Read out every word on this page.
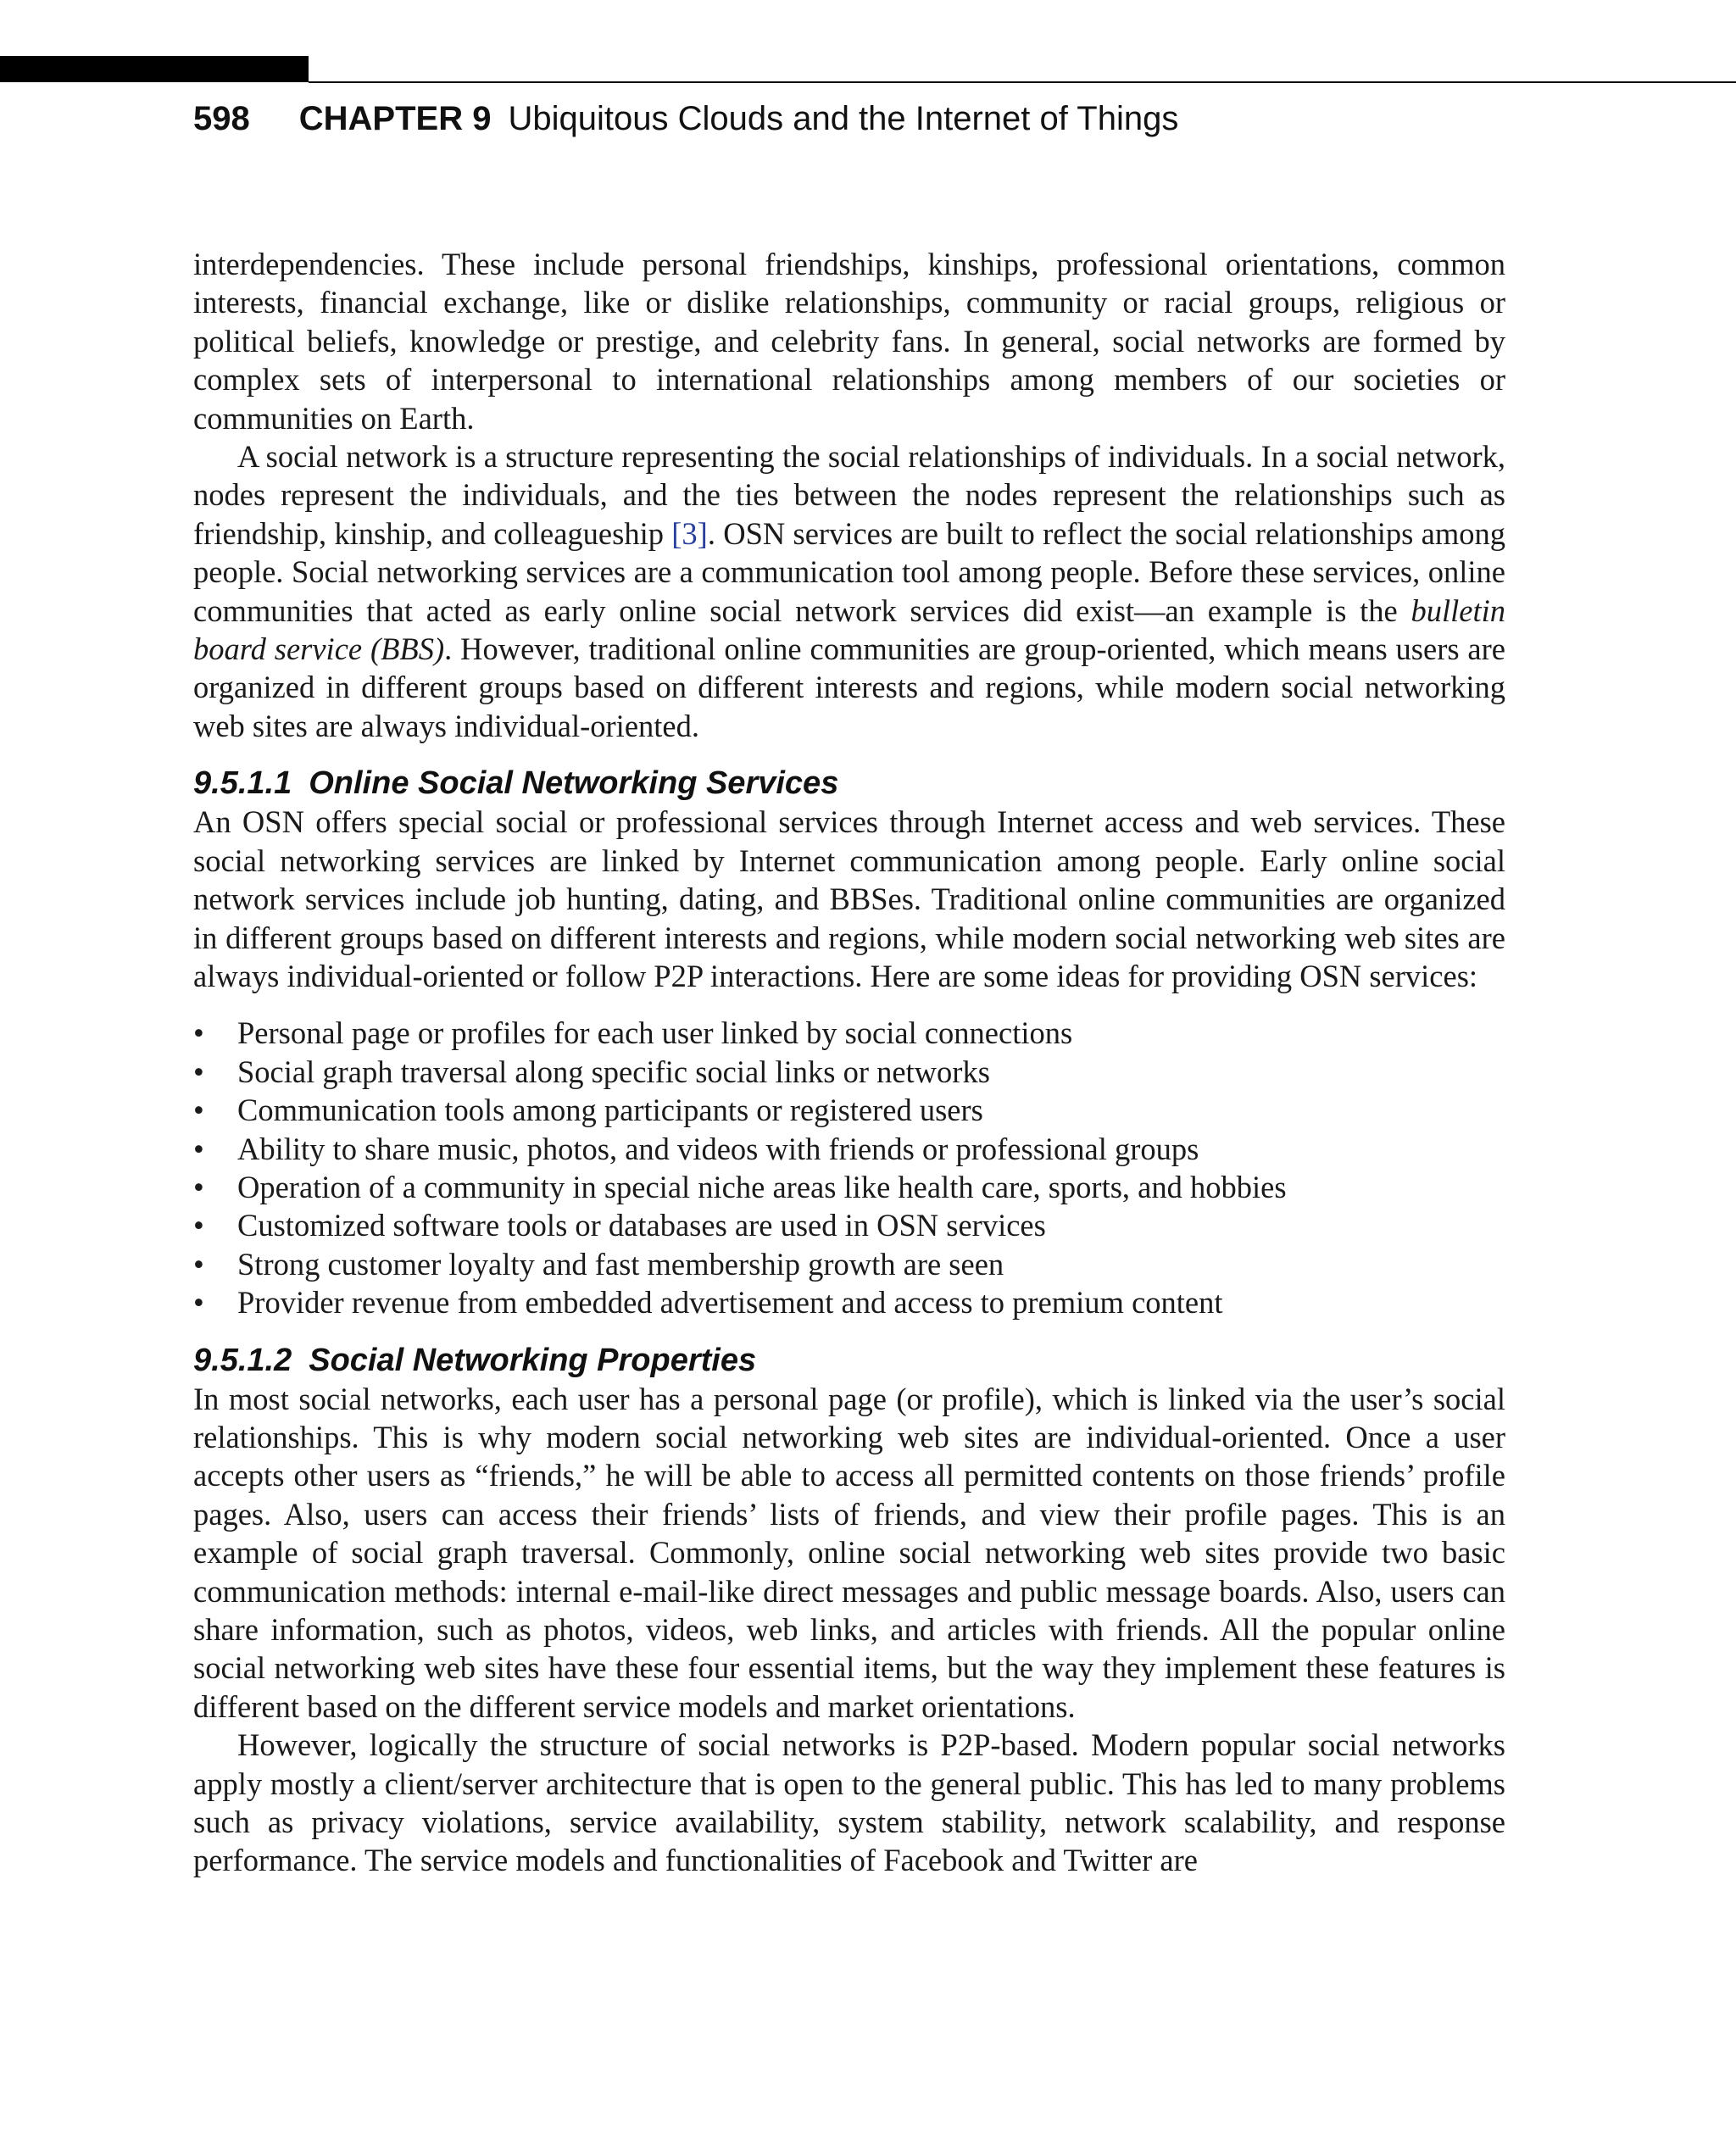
598 CHAPTER 9 Ubiquitous Clouds and the Internet of Things

interdependencies. These include personal friendships, kinships, professional orientations, common interests, financial exchange, like or dislike relationships, community or racial groups, religious or political beliefs, knowledge or prestige, and celebrity fans. In general, social networks are formed by complex sets of interpersonal to international relationships among members of our societies or communities on Earth.

A social network is a structure representing the social relationships of individuals. In a social network, nodes represent the individuals, and the ties between the nodes represent the relationships such as friendship, kinship, and colleagueship [3]. OSN services are built to reflect the social relationships among people. Social networking services are a communication tool among people. Before these services, online communities that acted as early online social network services did exist—an example is the bulletin board service (BBS). However, traditional online communities are group-oriented, which means users are organized in different groups based on different interests and regions, while modern social networking web sites are always individual-oriented.

9.5.1.1 Online Social Networking Services

An OSN offers special social or professional services through Internet access and web services. These social networking services are linked by Internet communication among people. Early online social network services include job hunting, dating, and BBSes. Traditional online communities are organized in different groups based on different interests and regions, while modern social networking web sites are always individual-oriented or follow P2P interactions. Here are some ideas for providing OSN services:

• Personal page or profiles for each user linked by social connections
• Social graph traversal along specific social links or networks
• Communication tools among participants or registered users
• Ability to share music, photos, and videos with friends or professional groups
• Operation of a community in special niche areas like health care, sports, and hobbies
• Customized software tools or databases are used in OSN services
• Strong customer loyalty and fast membership growth are seen
• Provider revenue from embedded advertisement and access to premium content
9.5.1.2 Social Networking Properties

In most social networks, each user has a personal page (or profile), which is linked via the user’s social relationships. This is why modern social networking web sites are individual-oriented. Once a user accepts other users as “friends,” he will be able to access all permitted contents on those friends’ profile pages. Also, users can access their friends’ lists of friends, and view their profile pages. This is an example of social graph traversal. Commonly, online social networking web sites provide two basic communication methods: internal e-mail-like direct messages and public message boards. Also, users can share information, such as photos, videos, web links, and articles with friends. All the popular online social networking web sites have these four essential items, but the way they implement these features is different based on the different service models and market orientations.

However, logically the structure of social networks is P2P-based. Modern popular social networks apply mostly a client/server architecture that is open to the general public. This has led to many problems such as privacy violations, service availability, system stability, network scalability, and response performance. The service models and functionalities of Facebook and Twitter are
